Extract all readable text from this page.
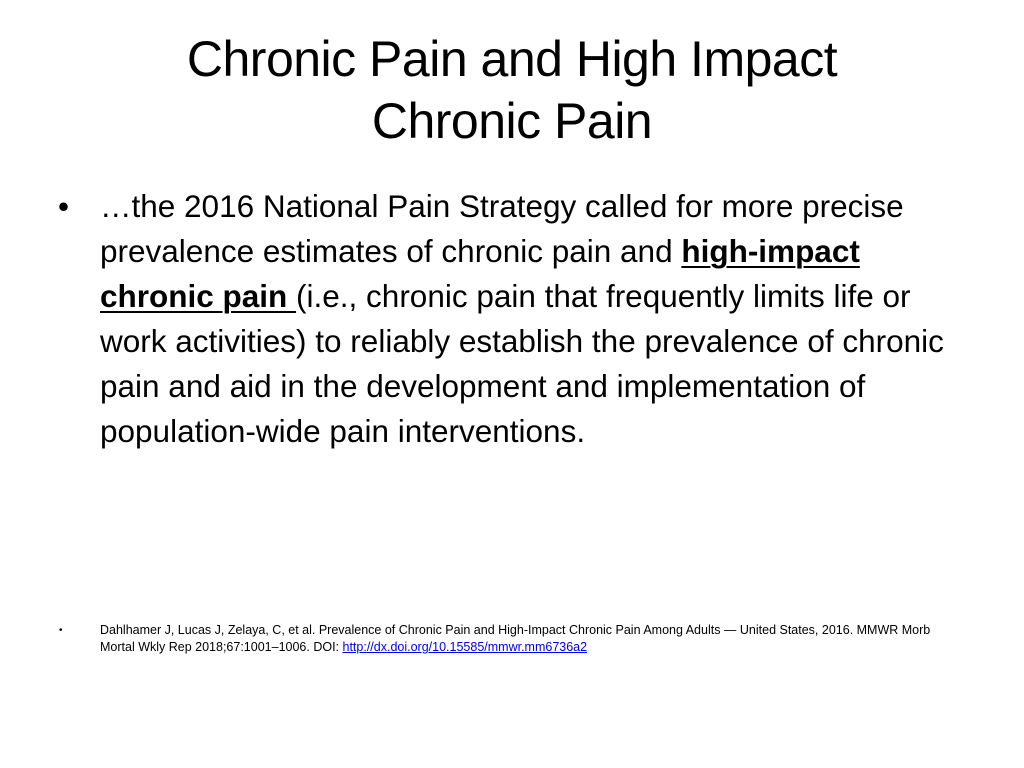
Chronic Pain and High Impact
Chronic Pain
• …the 2016 National Pain Strategy called for more precise prevalence estimates of chronic pain and high-impact chronic pain (i.e., chronic pain that frequently limits life or work activities) to reliably establish the prevalence of chronic pain and aid in the development and implementation of population-wide pain interventions.
•	Dahlhamer J, Lucas J, Zelaya, C, et al. Prevalence of Chronic Pain and High-Impact Chronic Pain Among Adults — United States, 2016. MMWR Morb Mortal Wkly Rep 2018;67:1001–1006. DOI: http://dx.doi.org/10.15585/mmwr.mm6736a2
